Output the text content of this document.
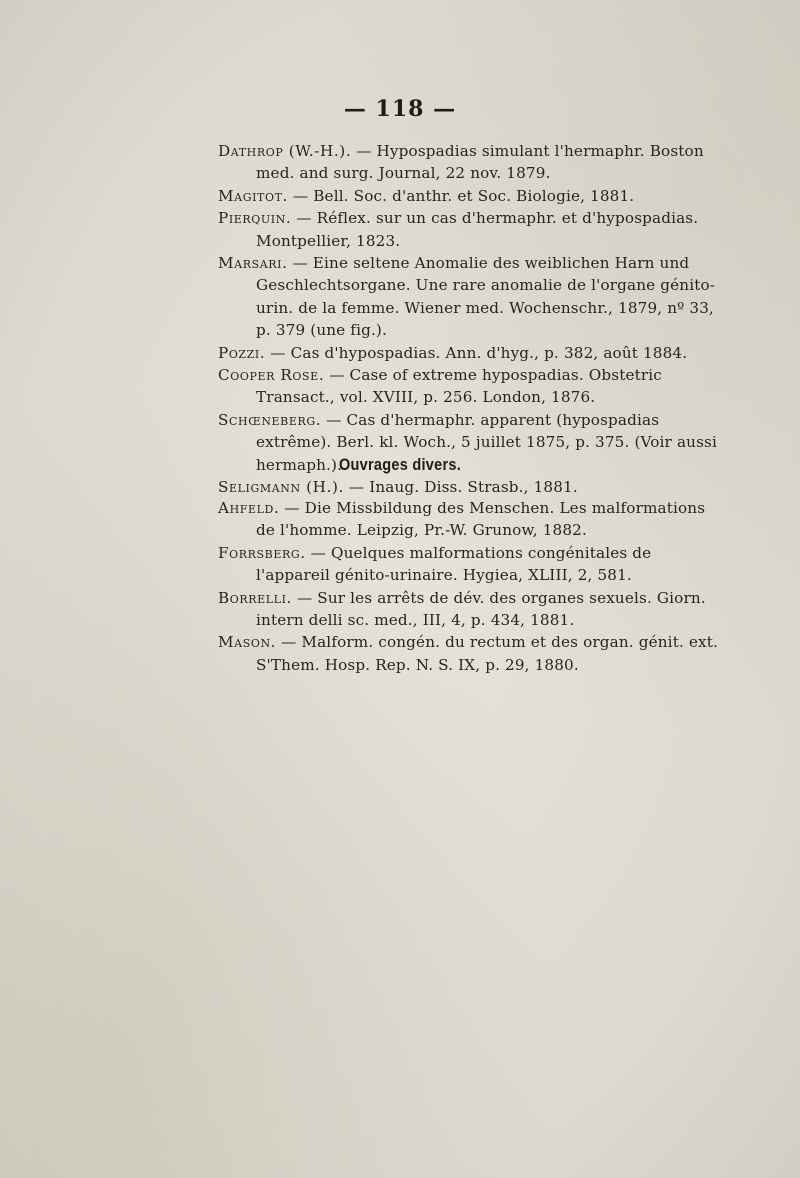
— 118 —
Dathrop (W.-H.). — Hypospadias simulant l'hermaphr. Boston med. and surg. Journal, 22 nov. 1879.
Magitot. — Bell. Soc. d'anthr. et Soc. Biologie, 1881.
Pierquin. — Réflex. sur un cas d'hermaphr. et d'hypospadias. Montpellier, 1823.
Marsari. — Eine seltene Anomalie des weiblichen Harn und Geschlechtsorgane. Une rare anomalie de l'organe génito-urin. de la femme. Wiener med. Wochenschr., 1879, nº 33, p. 379 (une fig.).
Pozzi. — Cas d'hypospadias. Ann. d'hyg., p. 382, août 1884.
Cooper Rose. — Case of extreme hypospadias. Obstetric Transact., vol. XVIII, p. 256. London, 1876.
Schœneberg. — Cas d'hermaphr. apparent (hypospadias extrême). Berl. kl. Woch., 5 juillet 1875, p. 375. (Voir aussi hermaph.).
Seligmann (H.). — Inaug. Diss. Strasb., 1881.
Ouvrages divers.
Ahfeld. — Die Missbildung des Menschen. Les malformations de l'homme. Leipzig, Pr.-W. Grunow, 1882.
Forrsberg. — Quelques malformations congénitales de l'appareil génito-urinaire. Hygiea, XLIII, 2, 581.
Borrelli. — Sur les arrêts de dév. des organes sexuels. Giorn. intern delli sc. med., III, 4, p. 434, 1881.
Mason. — Malform. congén. du rectum et des organ. génit. ext. S'Them. Hosp. Rep. N. S. IX, p. 29, 1880.
